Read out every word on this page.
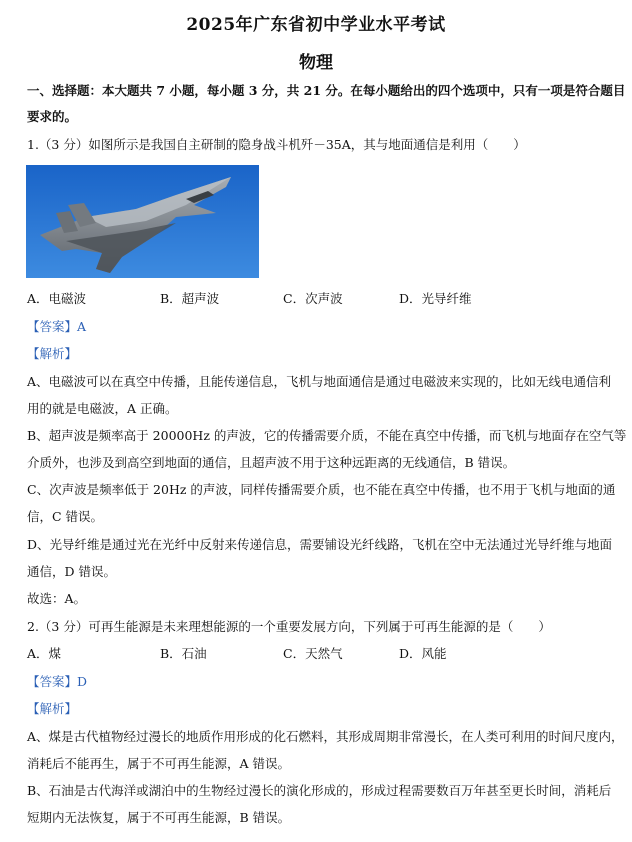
2025年广东省初中学业水平考试
物理
一、选择题：本大题共 7 小题，每小题 3 分，共 21 分。在每小题给出的四个选项中，只有一项是符合题目
要求的。
1.（3 分）如图所示是我国自主研制的隐身战斗机歼－35A，其与地面通信是利用（　　）
A．电磁波	B．超声波	C．次声波	D．光导纤维
【答案】A
【解析】
A、电磁波可以在真空中传播，且能传递信息，飞机与地面通信是通过电磁波来实现的，比如无线电通信利
用的就是电磁波，A 正确。
B、超声波是频率高于 20000Hz 的声波，它的传播需要介质，不能在真空中传播，而飞机与地面存在空气等
介质外，也涉及到高空到地面的通信，且超声波不用于这种远距离的无线通信，B 错误。
C、次声波是频率低于 20Hz 的声波，同样传播需要介质，也不能在真空中传播，也不用于飞机与地面的通
信，C 错误。
D、光导纤维是通过光在光纤中反射来传递信息，需要铺设光纤线路，飞机在空中无法通过光导纤维与地面
通信，D 错误。
故选：A。
2.（3 分）可再生能源是未来理想能源的一个重要发展方向，下列属于可再生能源的是（　　）
A．煤	B．石油	C．天然气	D．风能
【答案】D
【解析】
A、煤是古代植物经过漫长的地质作用形成的化石燃料，其形成周期非常漫长，在人类可利用的时间尺度内，
消耗后不能再生，属于不可再生能源，A 错误。
B、石油是古代海洋或湖泊中的生物经过漫长的演化形成的，形成过程需要数百万年甚至更长时间，消耗后
短期内无法恢复，属于不可再生能源，B 错误。
